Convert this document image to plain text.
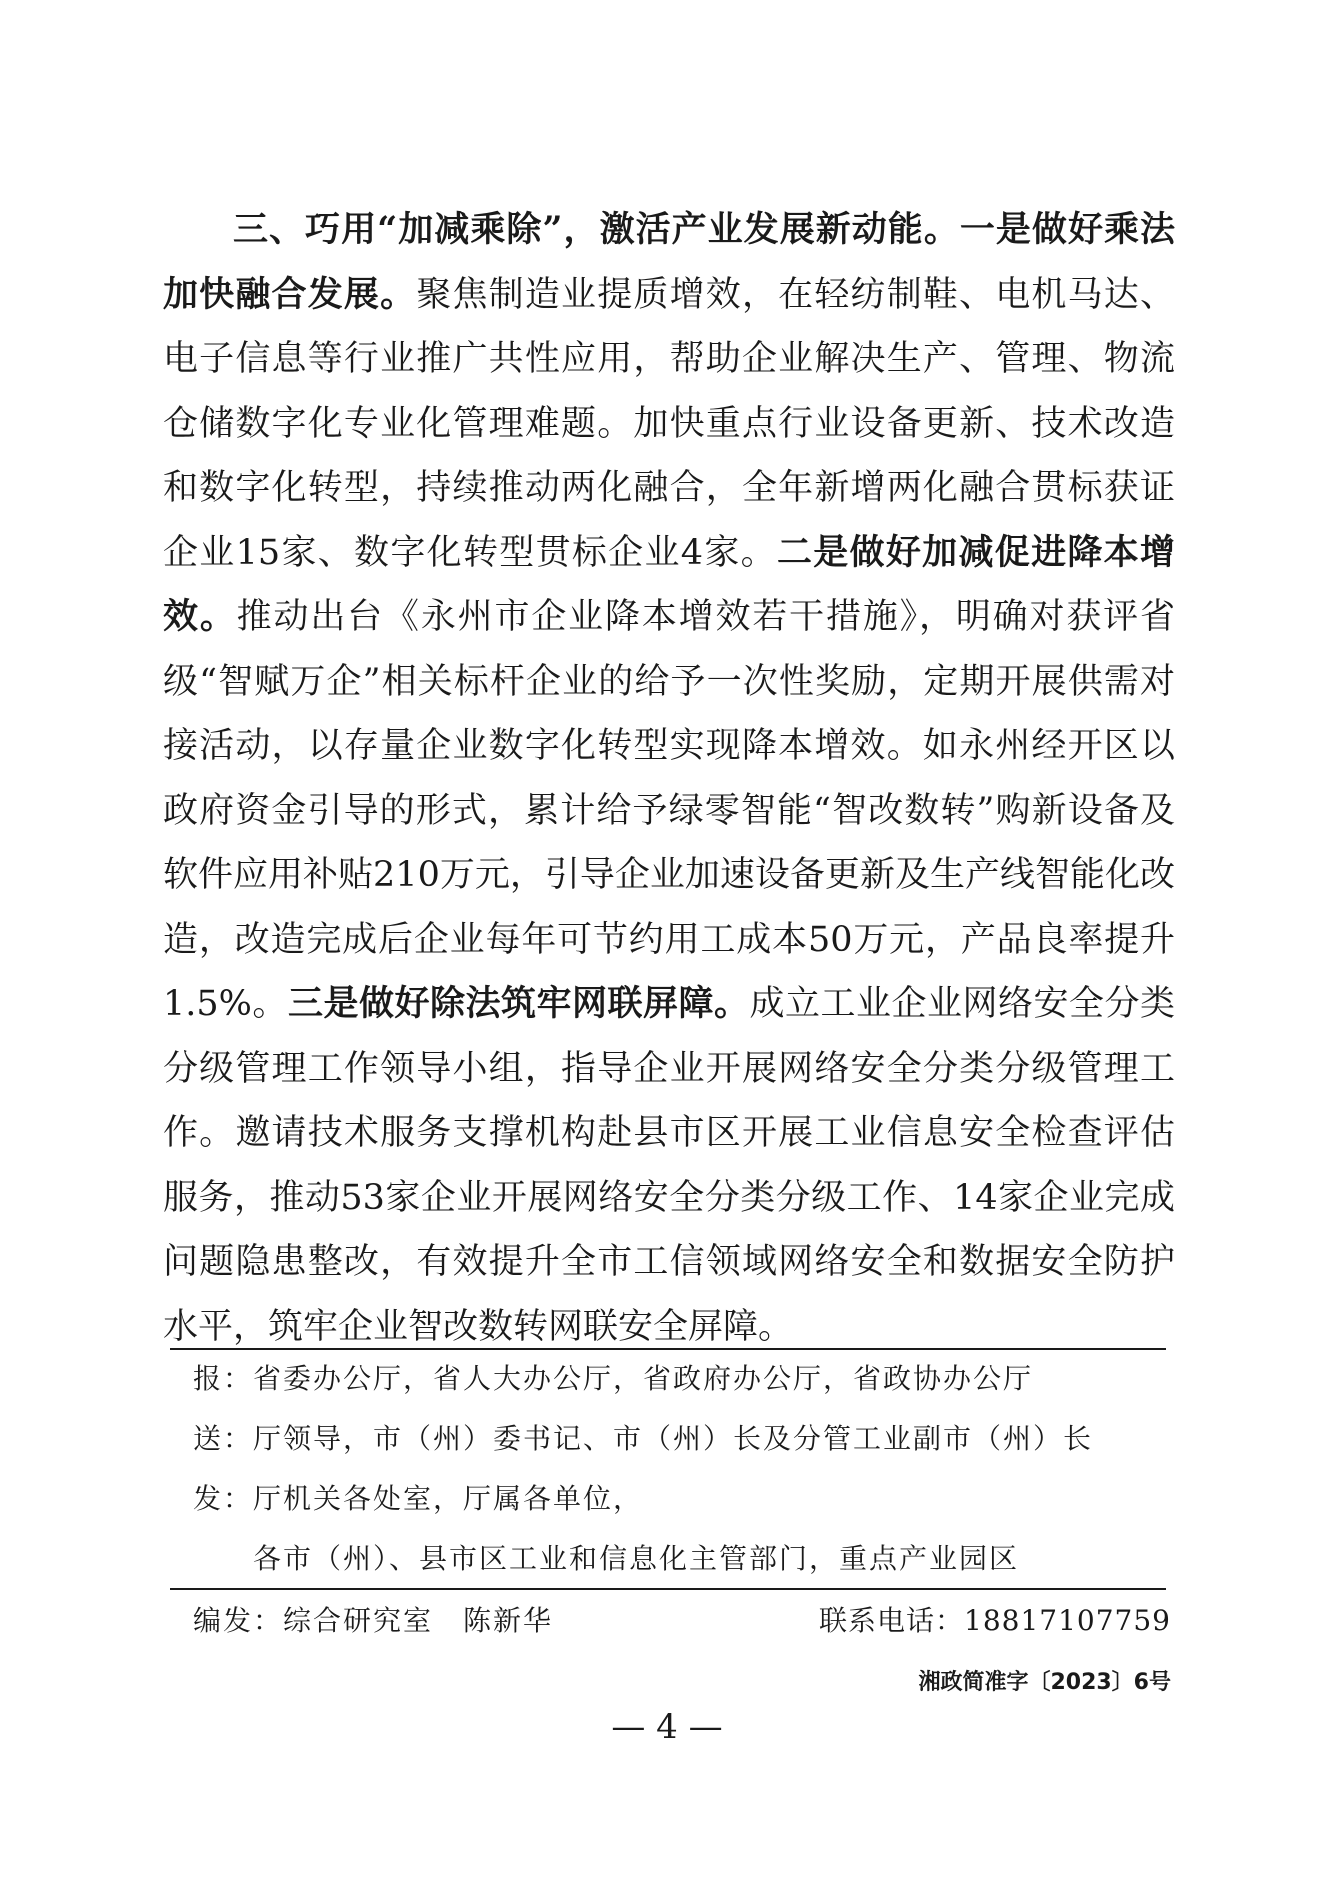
三、巧用“加减乘除”，激活产业发展新动能。一是做好乘法加快融合发展。聚焦制造业提质增效，在轻纺制鞋、电机马达、电子信息等行业推广共性应用，帮助企业解决生产、管理、物流仓储数字化专业化管理难题。加快重点行业设备更新、技术改造和数字化转型，持续推动两化融合，全年新增两化融合贯标获证企业15家、数字化转型贯标企业4家。二是做好加减促进降本增效。推动出台《永州市企业降本增效若干措施》，明确对获评省级“智赋万企”相关标杆企业的给予一次性奖励，定期开展供需对接活动，以存量企业数字化转型实现降本增效。如永州经开区以政府资金引导的形式，累计给予绿零智能“智改数转”购新设备及软件应用补贴210万元，引导企业加速设备更新及生产线智能化改造，改造完成后企业每年可节约用工成本50万元，产品良率提升1.5%。三是做好除法筑牢网联屏障。成立工业企业网络安全分类分级管理工作领导小组，指导企业开展网络安全分类分级管理工作。邀请技术服务支撑机构赴县市区开展工业信息安全检查评估服务，推动53家企业开展网络安全分类分级工作、14家企业完成问题隐患整改，有效提升全市工信领域网络安全和数据安全防护水平，筑牢企业智改数转网联安全屏障。

报：省委办公厅，省人大办公厅，省政府办公厅，省政协办公厅
送：厅领导，市（州）委书记、市（州）长及分管工业副市（州）长
发：厅机关各处室，厅属各单位，
各市（州）、县市区工业和信息化主管部门，重点产业园区
编发：综合研究室　陈新华	联系电话：18817107759
湘政简准字〔2023〕6号
— 4 —
